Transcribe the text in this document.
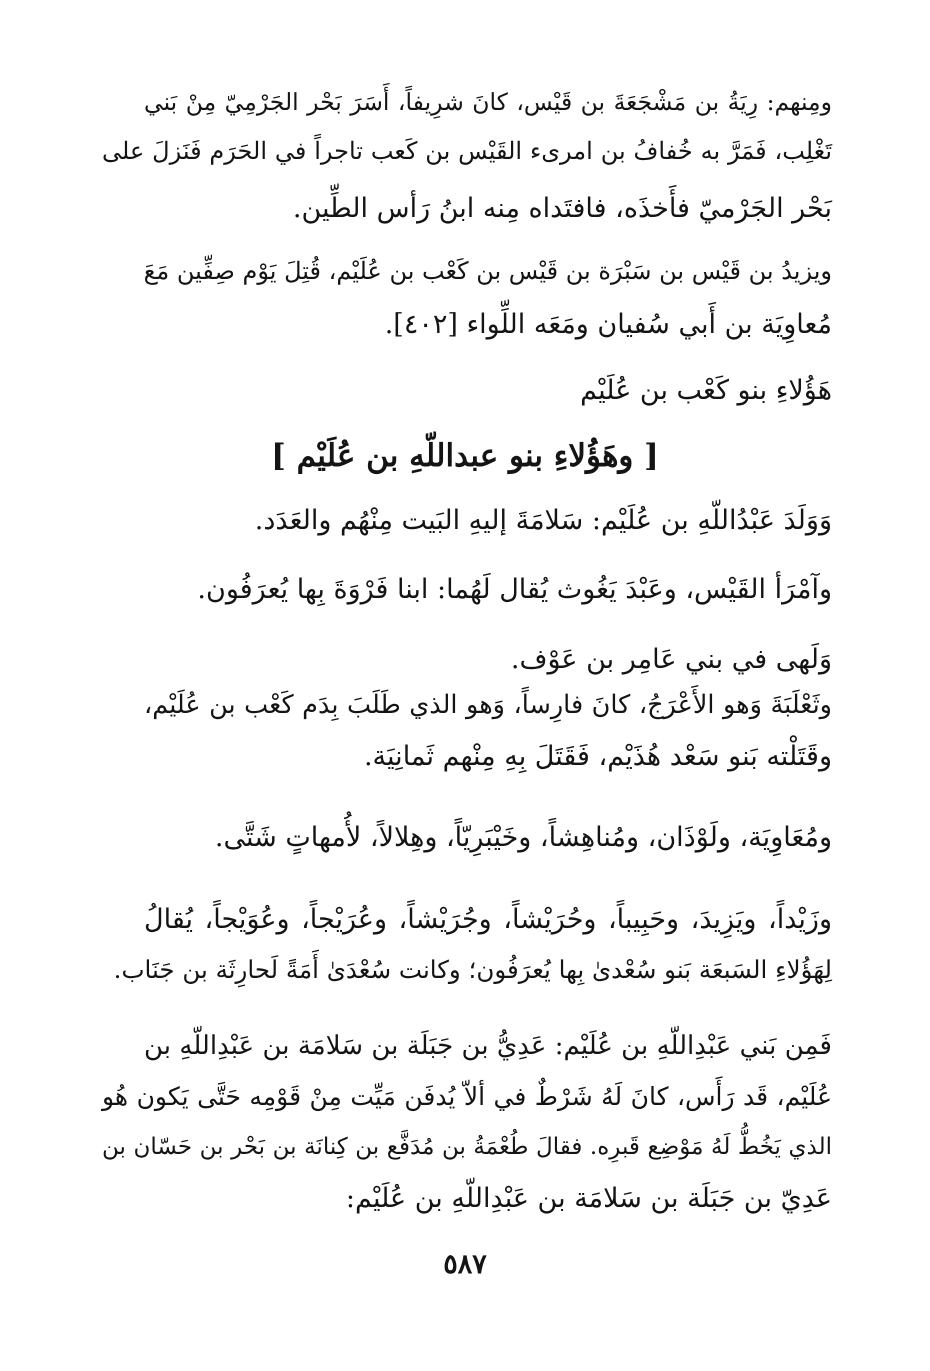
ومِنهم: رِيَةُ بن مَشْجَعَةَ بن قَيْس، كانَ شرِيفاً، أَسَرَ بَحْر الجَرْمِيّ مِنْ بَني
تَغْلِب، فَمَرَّ به خُفافُ بن امرىء القَيْس بن كَعب تاجراً في الحَرَم فَنَزلَ على
بَحْر الجَرْميّ فأَخذَه، فافتَداه مِنه ابنُ رَأس الطِّين.
ويزيدُ بن قَيْس بن سَبْرَة بن قَيْس بن كَعْب بن عُلَيْم، قُتِلَ يَوْم صِفِّين مَعَ
مُعاوِيَة بن أَبي سُفيان ومَعَه اللِّواء [٤٠٢].
هَؤُلاءِ بنو كَعْب بن عُلَيْم
[ وهَؤُلاءِ بنو عبداللّهِ بن عُلَيْم ]
وَوَلَدَ عَبْدُاللّهِ بن عُلَيْم: سَلامَةَ إليهِ البَيت مِنْهُم والعَدَد.
وآمْرَأ القَيْس، وعَبْدَ يَغُوث يُقال لَهُما: ابنا فَرْوَةَ بِها يُعرَفُون.
وَلَهى في بني عَامِر بن عَوْف.
وثَعْلَبَةَ وَهو الأَعْرَجُ، كانَ فارِساً، وَهو الذي طَلَبَ بِدَم كَعْب بن عُلَيْم،
وقَتَلْته بَنو سَعْد هُذَيْم، فَقَتَلَ بِهِ مِنْهم ثَمانِيَة.
ومُعَاوِيَة، ولَوْذَان، ومُناهِشاً، وخَيْبَرِيّاً، وهِلالاً، لأُمهاتٍ شَتَّى.
وزَيْداً، ويَزِيدَ، وحَبِيباً، وحُرَيْشاً، وجُرَيْشاً، وعُرَيْجاً، وعُوَيْجاً، يُقالُ
لِهَؤُلاءِ السَبعَة بَنو سُعْدىٰ بِها يُعرَفُون؛ وكانت سُعْدَىٰ أَمَةً لَحارِثَة بن جَنَاب.
فَمِن بَني عَبْدِاللّهِ بن عُلَيْم: عَدِيُّ بن جَبَلَة بن سَلامَة بن عَبْدِاللّهِ بن
عُلَيْم، قَد رَأَس، كانَ لَهُ شَرْطٌ في ألاّ يُدفَن مَيِّت مِنْ قَوْمِه حَتَّى يَكون هُو
الذي يَخُطُّ لَهُ مَوْضِع قَبرِه. فقالَ طُعْمَةُ بن مُدَفَّع بن كِنانَة بن بَحْر بن حَسّان بن
عَدِيّ بن جَبَلَة بن سَلامَة بن عَبْدِاللّهِ بن عُلَيْم:
٥٨٧
